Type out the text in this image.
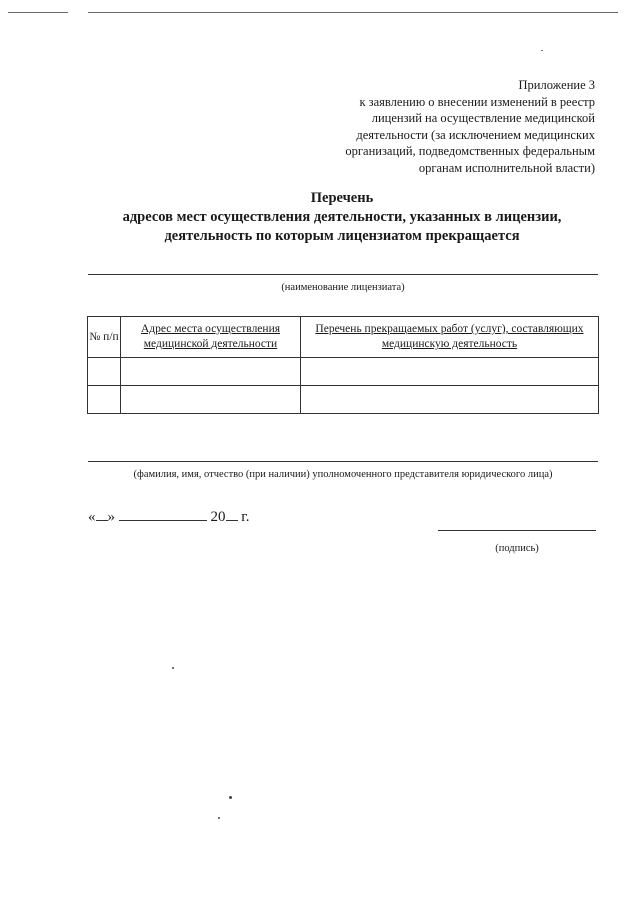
Приложение 3
к заявлению о внесении изменений в реестр
лицензий на осуществление медицинской
деятельности (за исключением медицинских
организаций, подведомственных федеральным
органам исполнительной власти)
Перечень
адресов мест осуществления деятельности, указанных в лицензии,
деятельность по которым лицензиатом прекращается
(наименование лицензиата)
№ п/п	Адрес места осуществления медицинской деятельности	Перечень прекращаемых работ (услуг), составляющих медицинскую деятельность

(фамилия, имя, отчество (при наличии) уполномоченного представителя юридического лица)
« »	20 г.
(подпись)
